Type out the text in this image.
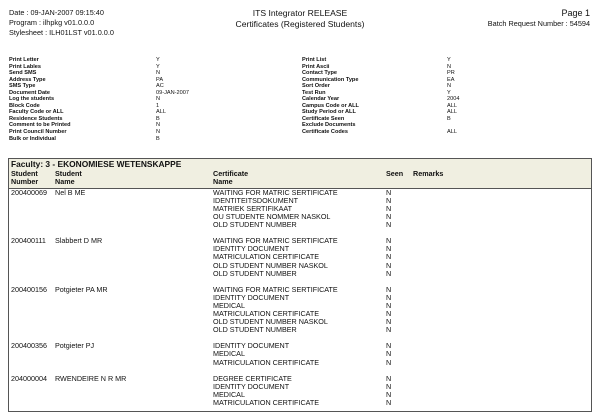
Date : 09-JAN-2007 09:15:40
Program : ilhpkg v01.0.0.0
Stylesheet : ILH01LST v01.0.0.0
ITS Integrator RELEASE
Certificates (Registered Students)
Page 1
Batch Request Number : 54594
Print Letter	Y
Print Lables	Y
Send SMS	N
Address Type	PA
SMS Type	AC
Document Date	09-JAN-2007
Log the students	N
Block Code	1
Faculty Code or ALL	ALL
Residence Students	B
Comment to be Printed	N
Print Council Number	N
Bulk or Individual	B
Print List	Y
Print Ascii	N
Contact Type	PR
Communication Type	EA
Sort Order	N
Test Run	Y
Calendar Year	2004
Campus Code or ALL	ALL
Study Period or ALL	ALL
Certificate Seen	B
Exclude Documents
Certificate Codes	ALL
Faculty: 3 - EKONOMIESE WETENSKAPPE
Student
Number
Student
Name
Certificate
Name
Seen	Remarks
200400069	Nel B ME	WAITING FOR MATRIC SERTIFICATE	N
IDENTITEITSDOKUMENT	N
MATRIEK SERTIFIKAAT	N
OU STUDENTE NOMMER NASKOL	N
OLD STUDENT NUMBER	N
200400111	Slabbert D MR	WAITING FOR MATRIC SERTIFICATE	N
IDENTITY DOCUMENT	N
MATRICULATION CERTIFICATE	N
OLD STUDENT NUMBER NASKOL	N
OLD STUDENT NUMBER	N
200400156	Potgieter PA MR	WAITING FOR MATRIC SERTIFICATE	N
IDENTITY DOCUMENT	N
MEDICAL	N
MATRICULATION CERTIFICATE	N
OLD STUDENT NUMBER NASKOL	N
OLD STUDENT NUMBER	N
200400356	Potgieter PJ	IDENTITY DOCUMENT	N
MEDICAL	N
MATRICULATION CERTIFICATE	N
204000004	RWENDEIRE N R MR	DEGREE CERTIFICATE	N
IDENTITY DOCUMENT	N
MEDICAL	N
MATRICULATION CERTIFICATE	N
